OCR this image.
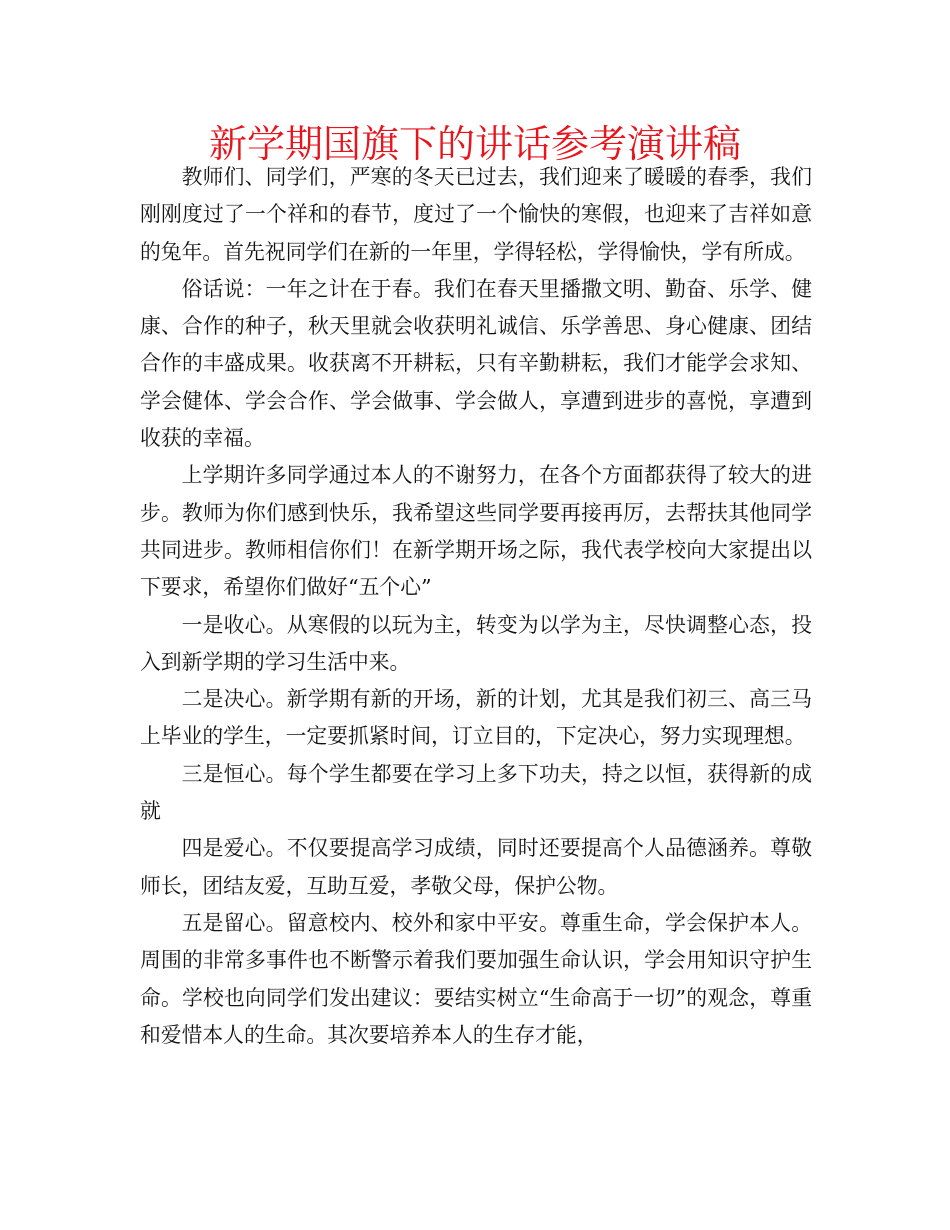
新学期国旗下的讲话参考演讲稿

教师们、同学们，严寒的冬天已过去，我们迎来了暖暖的春季，我们刚刚度过了一个祥和的春节，度过了一个愉快的寒假，也迎来了吉祥如意的兔年。首先祝同学们在新的一年里，学得轻松，学得愉快，学有所成。

俗话说：一年之计在于春。我们在春天里播撒文明、勤奋、乐学、健康、合作的种子，秋天里就会收获明礼诚信、乐学善思、身心健康、团结合作的丰盛成果。收获离不开耕耘，只有辛勤耕耘，我们才能学会求知、学会健体、学会合作、学会做事、学会做人，享遭到进步的喜悦，享遭到收获的幸福。

上学期许多同学通过本人的不谢努力，在各个方面都获得了较大的进步。教师为你们感到快乐，我希望这些同学要再接再厉，去帮扶其他同学共同进步。教师相信你们！在新学期开场之际，我代表学校向大家提出以下要求，希望你们做好“五个心”

一是收心。从寒假的以玩为主，转变为以学为主，尽快调整心态，投入到新学期的学习生活中来。

二是决心。新学期有新的开场，新的计划，尤其是我们初三、高三马上毕业的学生，一定要抓紧时间，订立目的，下定决心，努力实现理想。

三是恒心。每个学生都要在学习上多下功夫，持之以恒，获得新的成就

四是爱心。不仅要提高学习成绩，同时还要提高个人品德涵养。尊敬师长，团结友爱，互助互爱，孝敬父母，保护公物。

五是留心。留意校内、校外和家中平安。尊重生命，学会保护本人。周围的非常多事件也不断警示着我们要加强生命认识，学会用知识守护生命。学校也向同学们发出建议：要结实树立“生命高于一切”的观念，尊重和爱惜本人的生命。其次要培养本人的生存才能，
